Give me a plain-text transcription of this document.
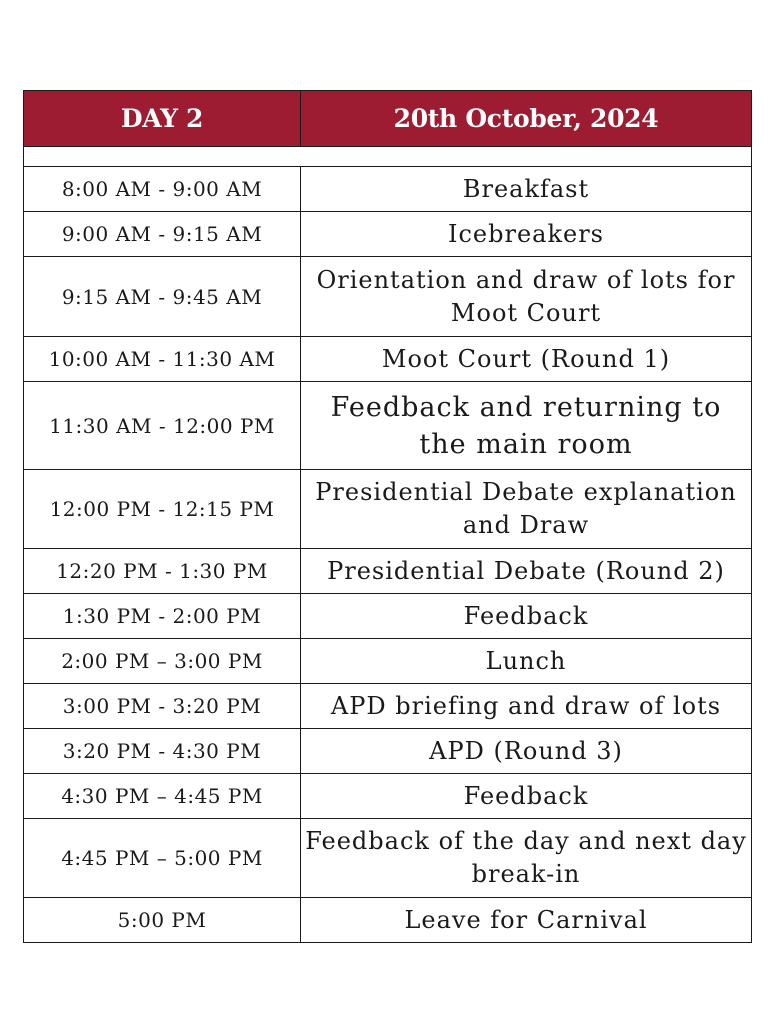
DAY 2	20th October, 2024

8:00 AM - 9:00 AM	Breakfast
9:00 AM - 9:15 AM	Icebreakers
9:15 AM - 9:45 AM	Orientation and draw of lots for Moot Court
10:00 AM - 11:30 AM	Moot Court (Round 1)
11:30 AM - 12:00 PM	Feedback and returning to the main room
12:00 PM - 12:15 PM	Presidential Debate explanation and Draw
12:20 PM - 1:30 PM	Presidential Debate (Round 2)
1:30 PM - 2:00 PM	Feedback
2:00 PM – 3:00 PM	Lunch
3:00 PM - 3:20 PM	APD briefing and draw of lots
3:20 PM - 4:30 PM	APD (Round 3)
4:30 PM – 4:45 PM	Feedback
4:45 PM – 5:00 PM	Feedback of the day and next day break-in
5:00 PM	Leave for Carnival
